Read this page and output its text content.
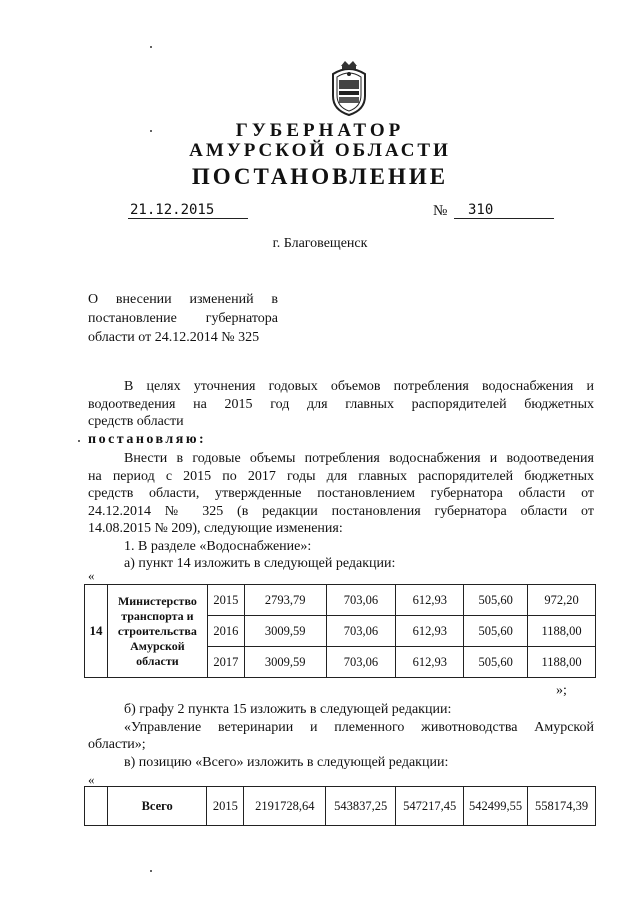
ГУБЕРНАТОР
АМУРСКОЙ ОБЛАСТИ
ПОСТАНОВЛЕНИЕ
21.12.2015	№	310
г. Благовещенск
О внесении изменений в
постановление губернатора
области от 24.12.2014 № 325
В целях уточнения годовых объемов потребления водоснабжения и
водоотведения на 2015 год для главных распорядителей бюджетных
средств области
постановляю:
Внести в годовые объемы потребления водоснабжения и водоотведения
на период с 2015 по 2017 годы для главных распорядителей бюджетных
средств области, утвержденные постановлением губернатора области от
24.12.2014 № 325 (в редакции постановления губернатора области от
14.08.2015 № 209), следующие изменения:
1. В разделе «Водоснабжение»:
а) пункт 14 изложить в следующей редакции:
«
14	Министерство транспорта и строительства Амурской области	2015	2793,79	703,06	612,93	505,60	972,20
		2016	3009,59	703,06	612,93	505,60	1188,00
		2017	3009,59	703,06	612,93	505,60	1188,00
»;
б) графу 2 пункта 15 изложить в следующей редакции:
«Управление ветеринарии и племенного животноводства Амурской
области»;
в) позицию «Всего» изложить в следующей редакции:
«
	Всего	2015	2191728,64	543837,25	547217,45	542499,55	558174,39
